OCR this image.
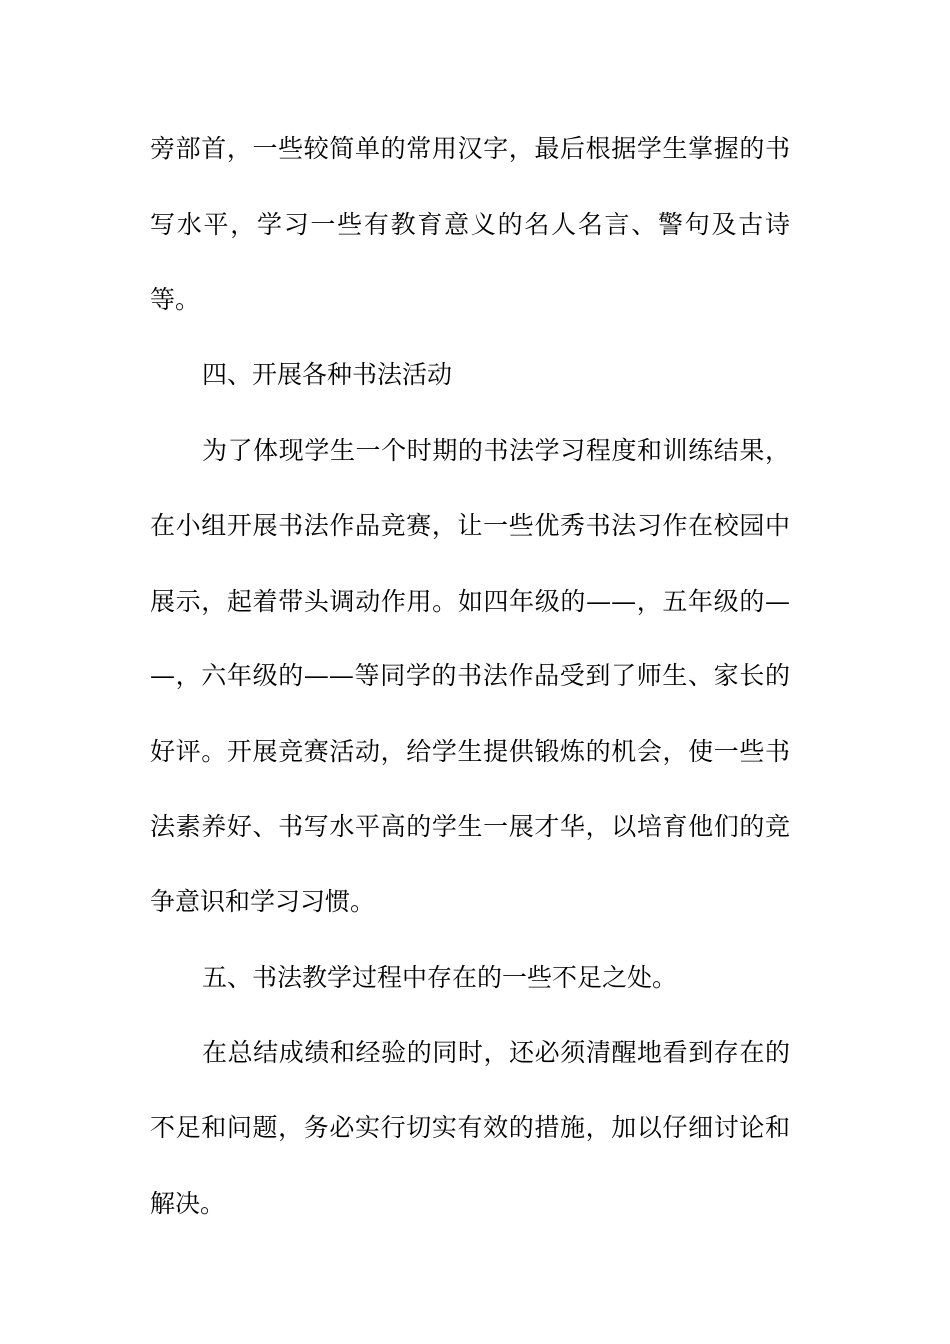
旁部首，一些较简单的常用汉字，最后根据学生掌握的书
写水平，学习一些有教育意义的名人名言、警句及古诗
等。
四、开展各种书法活动
为了体现学生一个时期的书法学习程度和训练结果，
在小组开展书法作品竞赛，让一些优秀书法习作在校园中
展示，起着带头调动作用。如四年级的——，五年级的—
—，六年级的——等同学的书法作品受到了师生、家长的
好评。开展竞赛活动，给学生提供锻炼的机会，使一些书
法素养好、书写水平高的学生一展才华，以培育他们的竞
争意识和学习习惯。
五、书法教学过程中存在的一些不足之处。
在总结成绩和经验的同时，还必须清醒地看到存在的
不足和问题，务必实行切实有效的措施，加以仔细讨论和
解决。
